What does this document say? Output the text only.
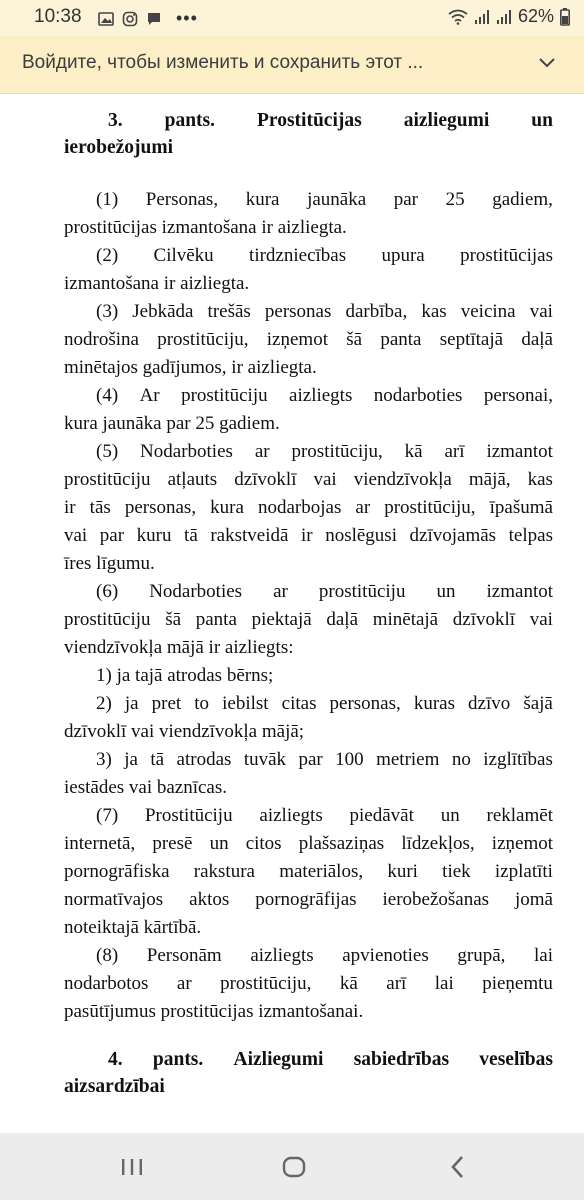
10:38	•••	62%
Войдите, чтобы изменить и сохранить этот ...
3. pants. Prostitūcijas aizliegumi un
ierobežojumi
(1) Personas, kura jaunāka par 25 gadiem,
prostitūcijas izmantošana ir aizliegta.
(2) Cilvēku tirdzniecības upura prostitūcijas
izmantošana ir aizliegta.
(3) Jebkāda trešās personas darbība, kas veicina vai
nodrošina prostitūciju, izņemot šā panta septītajā daļā
minētajos gadījumos, ir aizliegta.
(4) Ar prostitūciju aizliegts nodarboties personai,
kura jaunāka par 25 gadiem.
(5) Nodarboties ar prostitūciju, kā arī izmantot
prostitūciju atļauts dzīvoklī vai viendzīvokļa mājā, kas
ir tās personas, kura nodarbojas ar prostitūciju, īpašumā
vai par kuru tā rakstveidā ir noslēgusi dzīvojamās telpas
īres līgumu.
(6) Nodarboties ar prostitūciju un izmantot
prostitūciju šā panta piektajā daļā minētajā dzīvoklī vai
viendzīvokļa mājā ir aizliegts:
1) ja tajā atrodas bērns;
2) ja pret to iebilst citas personas, kuras dzīvo šajā
dzīvoklī vai viendzīvokļa mājā;
3) ja tā atrodas tuvāk par 100 metriem no izglītības
iestādes vai baznīcas.
(7) Prostitūciju aizliegts piedāvāt un reklamēt
internetā, presē un citos plašsaziņas līdzekļos, izņemot
pornogrāfiska rakstura materiālos, kuri tiek izplatīti
normatīvajos aktos pornogrāfijas ierobežošanas jomā
noteiktajā kārtībā.
(8) Personām aizliegts apvienoties grupā, lai
nodarbotos ar prostitūciju, kā arī lai pieņemtu
pasūtījumus prostitūcijas izmantošanai.
4. pants. Aizliegumi sabiedrības veselības
aizsardzībai
